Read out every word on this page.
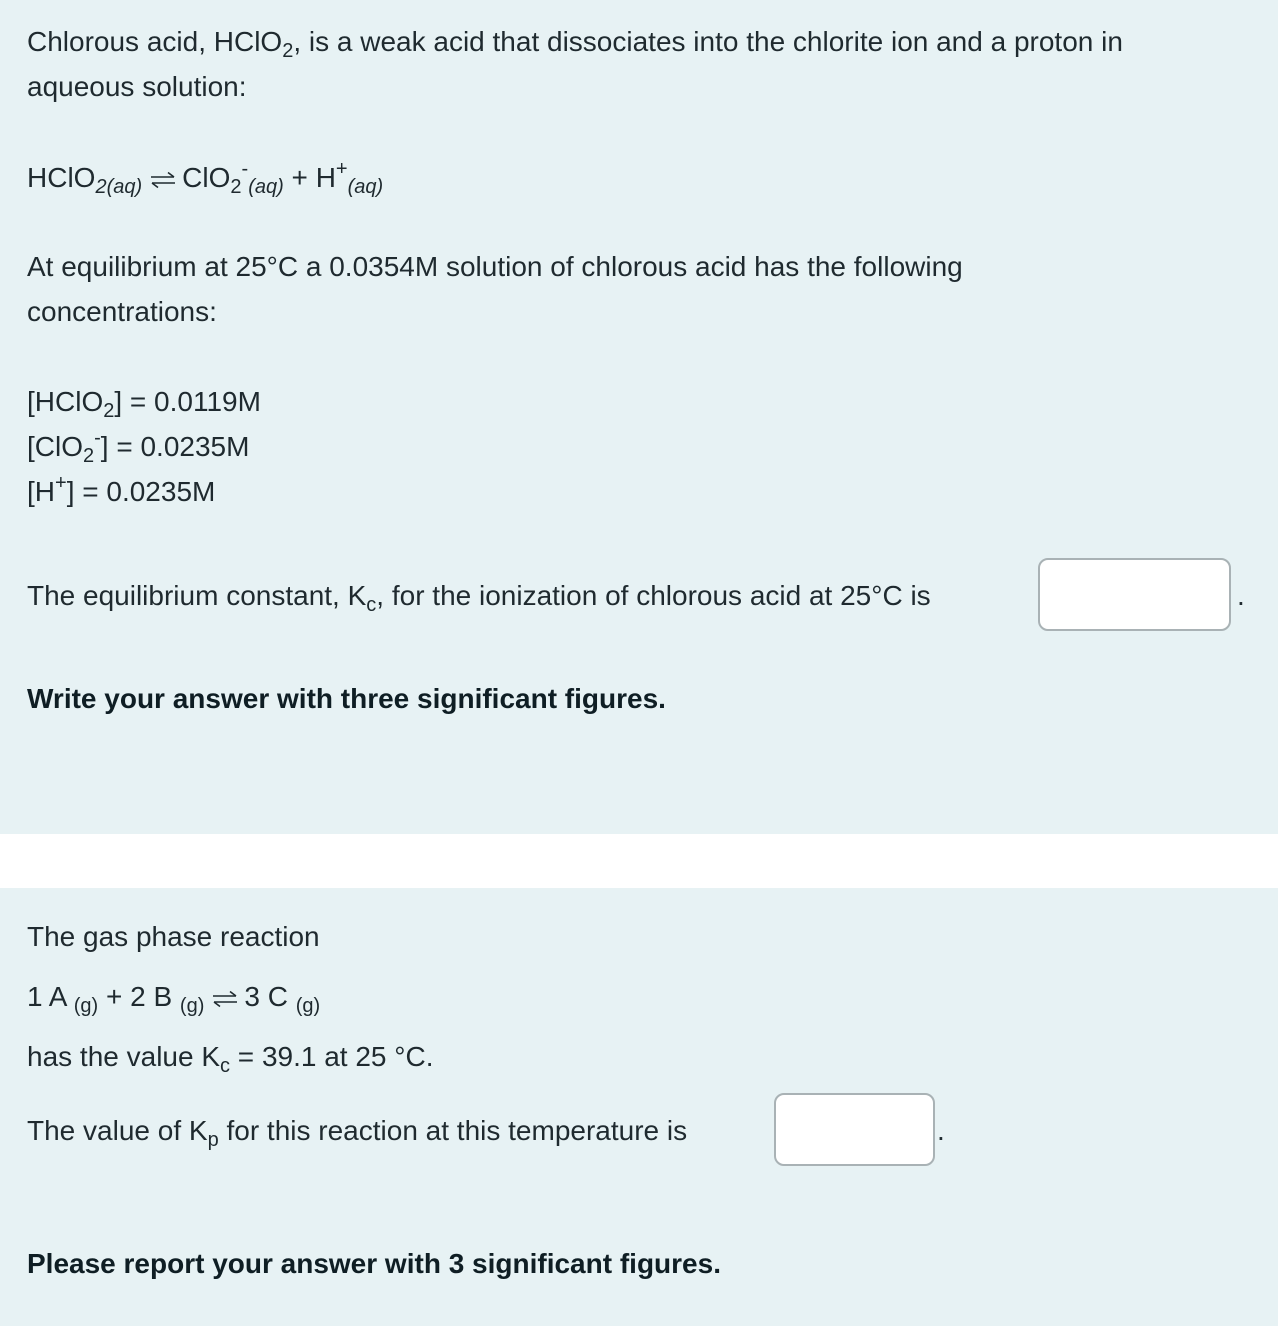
Chlorous acid, HClO$_2$, is a weak acid that dissociates into the chlorite ion and a proton in
aqueous solution:
HClO$_{2(aq)}$ ⇌ $ClO_2^-_{(aq)} + H^+_{(aq)}$
At equilibrium at 25°C a 0.0354M solution of chlorous acid has the following
concentrations:
[HClO$_2$] = 0.0119M
[ClO$_2$-] = 0.0235M
[H+] = 0.0235M
The equilibrium constant, $K_c$, for the ionization of chlorous acid at 25°C is	.
Write your answer with three significant figures.
The gas phase reaction
1 A $_{(g)}$ + 2 B $_{(g)}$ ⇌ 3 C $_{(g)}$
has the value $K_c = 39.1$ at 25 °C.
The value of $K_p$ for this reaction at this temperature is	.
Please report your answer with 3 significant figures.
